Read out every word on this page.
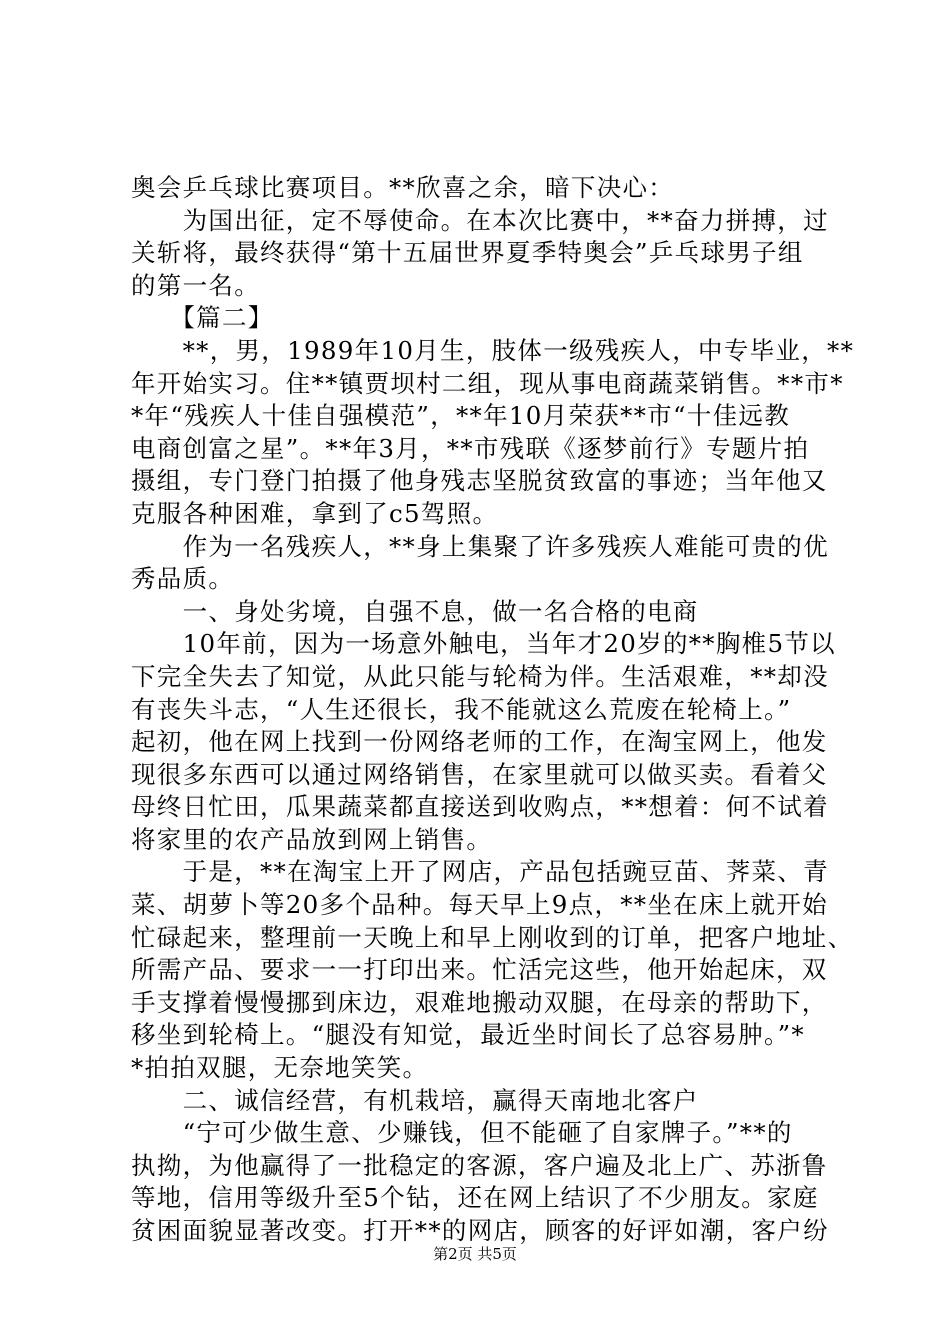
奥会乒乓球比赛项目。**欣喜之余，暗下决心：
　　为国出征，定不辱使命。在本次比赛中，**奋力拼搏，过
关斩将，最终获得“第十五届世界夏季特奥会”乒乓球男子组
的第一名。
　　【篇二】
　　**，男，1989年10月生，肢体一级残疾人，中专毕业，**
年开始实习。住**镇贾坝村二组，现从事电商蔬菜销售。**市*
*年“残疾人十佳自强模范”，**年10月荣获**市“十佳远教
电商创富之星”。**年3月，**市残联《逐梦前行》专题片拍
摄组，专门登门拍摄了他身残志坚脱贫致富的事迹；当年他又
克服各种困难，拿到了c5驾照。
　　作为一名残疾人，**身上集聚了许多残疾人难能可贵的优
秀品质。
　　一、身处劣境，自强不息，做一名合格的电商
　　10年前，因为一场意外触电，当年才20岁的**胸椎5节以
下完全失去了知觉，从此只能与轮椅为伴。生活艰难，**却没
有丧失斗志，“人生还很长，我不能就这么荒废在轮椅上。”
起初，他在网上找到一份网络老师的工作，在淘宝网上，他发
现很多东西可以通过网络销售，在家里就可以做买卖。看着父
母终日忙田，瓜果蔬菜都直接送到收购点，**想着：何不试着
将家里的农产品放到网上销售。
　　于是，**在淘宝上开了网店，产品包括豌豆苗、荠菜、青
菜、胡萝卜等20多个品种。每天早上9点，**坐在床上就开始
忙碌起来，整理前一天晚上和早上刚收到的订单，把客户地址、
所需产品、要求一一打印出来。忙活完这些，他开始起床，双
手支撑着慢慢挪到床边，艰难地搬动双腿，在母亲的帮助下，
移坐到轮椅上。“腿没有知觉，最近坐时间长了总容易肿。”*
*拍拍双腿，无奈地笑笑。
　　二、诚信经营，有机栽培，赢得天南地北客户
　　“宁可少做生意、少赚钱，但不能砸了自家牌子。”**的
执拗，为他赢得了一批稳定的客源，客户遍及北上广、苏浙鲁
等地，信用等级升至5个钻，还在网上结识了不少朋友。家庭
贫困面貌显著改变。打开**的网店，顾客的好评如潮，客户纷
第2页 共5页
